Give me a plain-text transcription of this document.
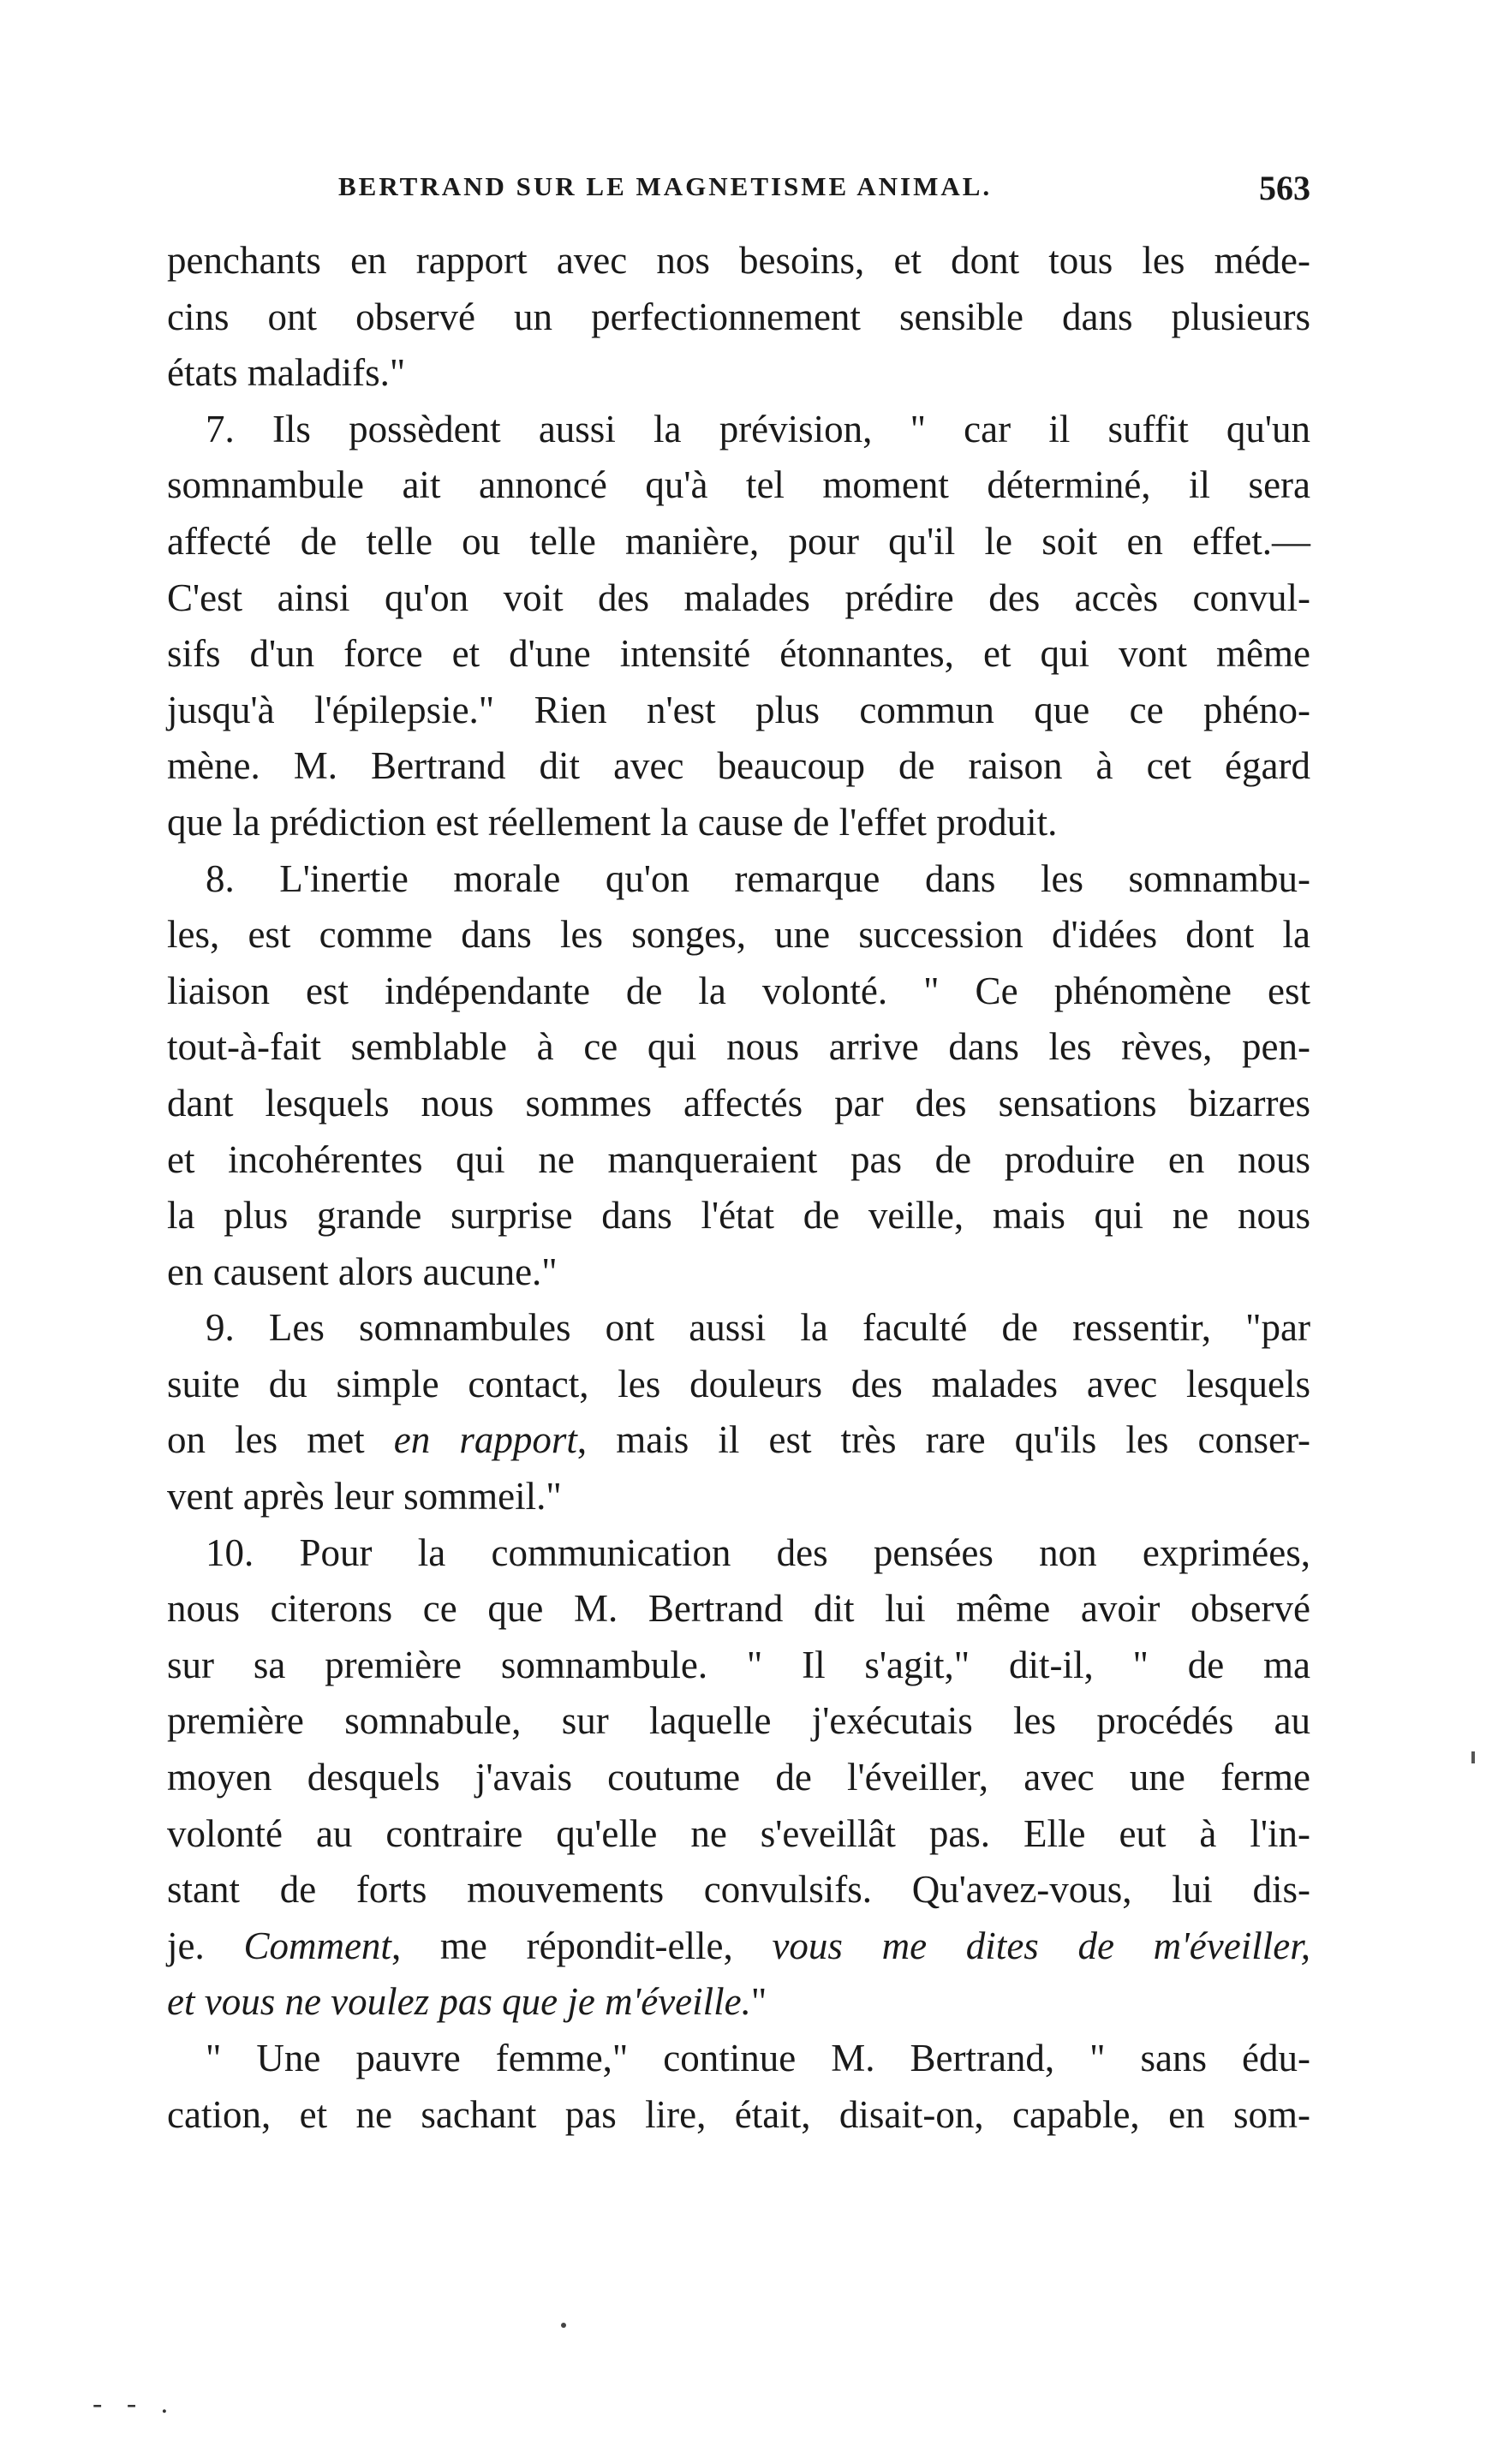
BERTRAND SUR LE MAGNETISME ANIMAL.	563
penchants en rapport avec nos besoins, et dont tous les méde-
cins ont observé un perfectionnement sensible dans plusieurs
états maladifs."
7. Ils possèdent aussi la prévision, " car il suffit qu'un
somnambule ait annoncé qu'à tel moment déterminé, il sera
affecté de telle ou telle manière, pour qu'il le soit en effet.—
C'est ainsi qu'on voit des malades prédire des accès convul-
sifs d'un force et d'une intensité étonnantes, et qui vont même
jusqu'à l'épilepsie." Rien n'est plus commun que ce phéno-
mène. M. Bertrand dit avec beaucoup de raison à cet égard
que la prédiction est réellement la cause de l'effet produit.
8. L'inertie morale qu'on remarque dans les somnambu-
les, est comme dans les songes, une succession d'idées dont la
liaison est indépendante de la volonté. " Ce phénomène est
tout-à-fait semblable à ce qui nous arrive dans les rèves, pen-
dant lesquels nous sommes affectés par des sensations bizarres
et incohérentes qui ne manqueraient pas de produire en nous
la plus grande surprise dans l'état de veille, mais qui ne nous
en causent alors aucune."
9. Les somnambules ont aussi la faculté de ressentir, "par
suite du simple contact, les douleurs des malades avec lesquels
on les met en rapport, mais il est très rare qu'ils les conser-
vent après leur sommeil."
10. Pour la communication des pensées non exprimées,
nous citerons ce que M. Bertrand dit lui même avoir observé
sur sa première somnambule. " Il s'agit," dit-il, " de ma
première somnabule, sur laquelle j'exécutais les procédés au
moyen desquels j'avais coutume de l'éveiller, avec une ferme
volonté au contraire qu'elle ne s'eveillât pas. Elle eut à l'in-
stant de forts mouvements convulsifs. Qu'avez-vous, lui dis-
je. Comment, me répondit-elle, vous me dites de m'éveiller,
et vous ne voulez pas que je m'éveille."
" Une pauvre femme," continue M. Bertrand, " sans édu-
cation, et ne sachant pas lire, était, disait-on, capable, en som-
- - .
